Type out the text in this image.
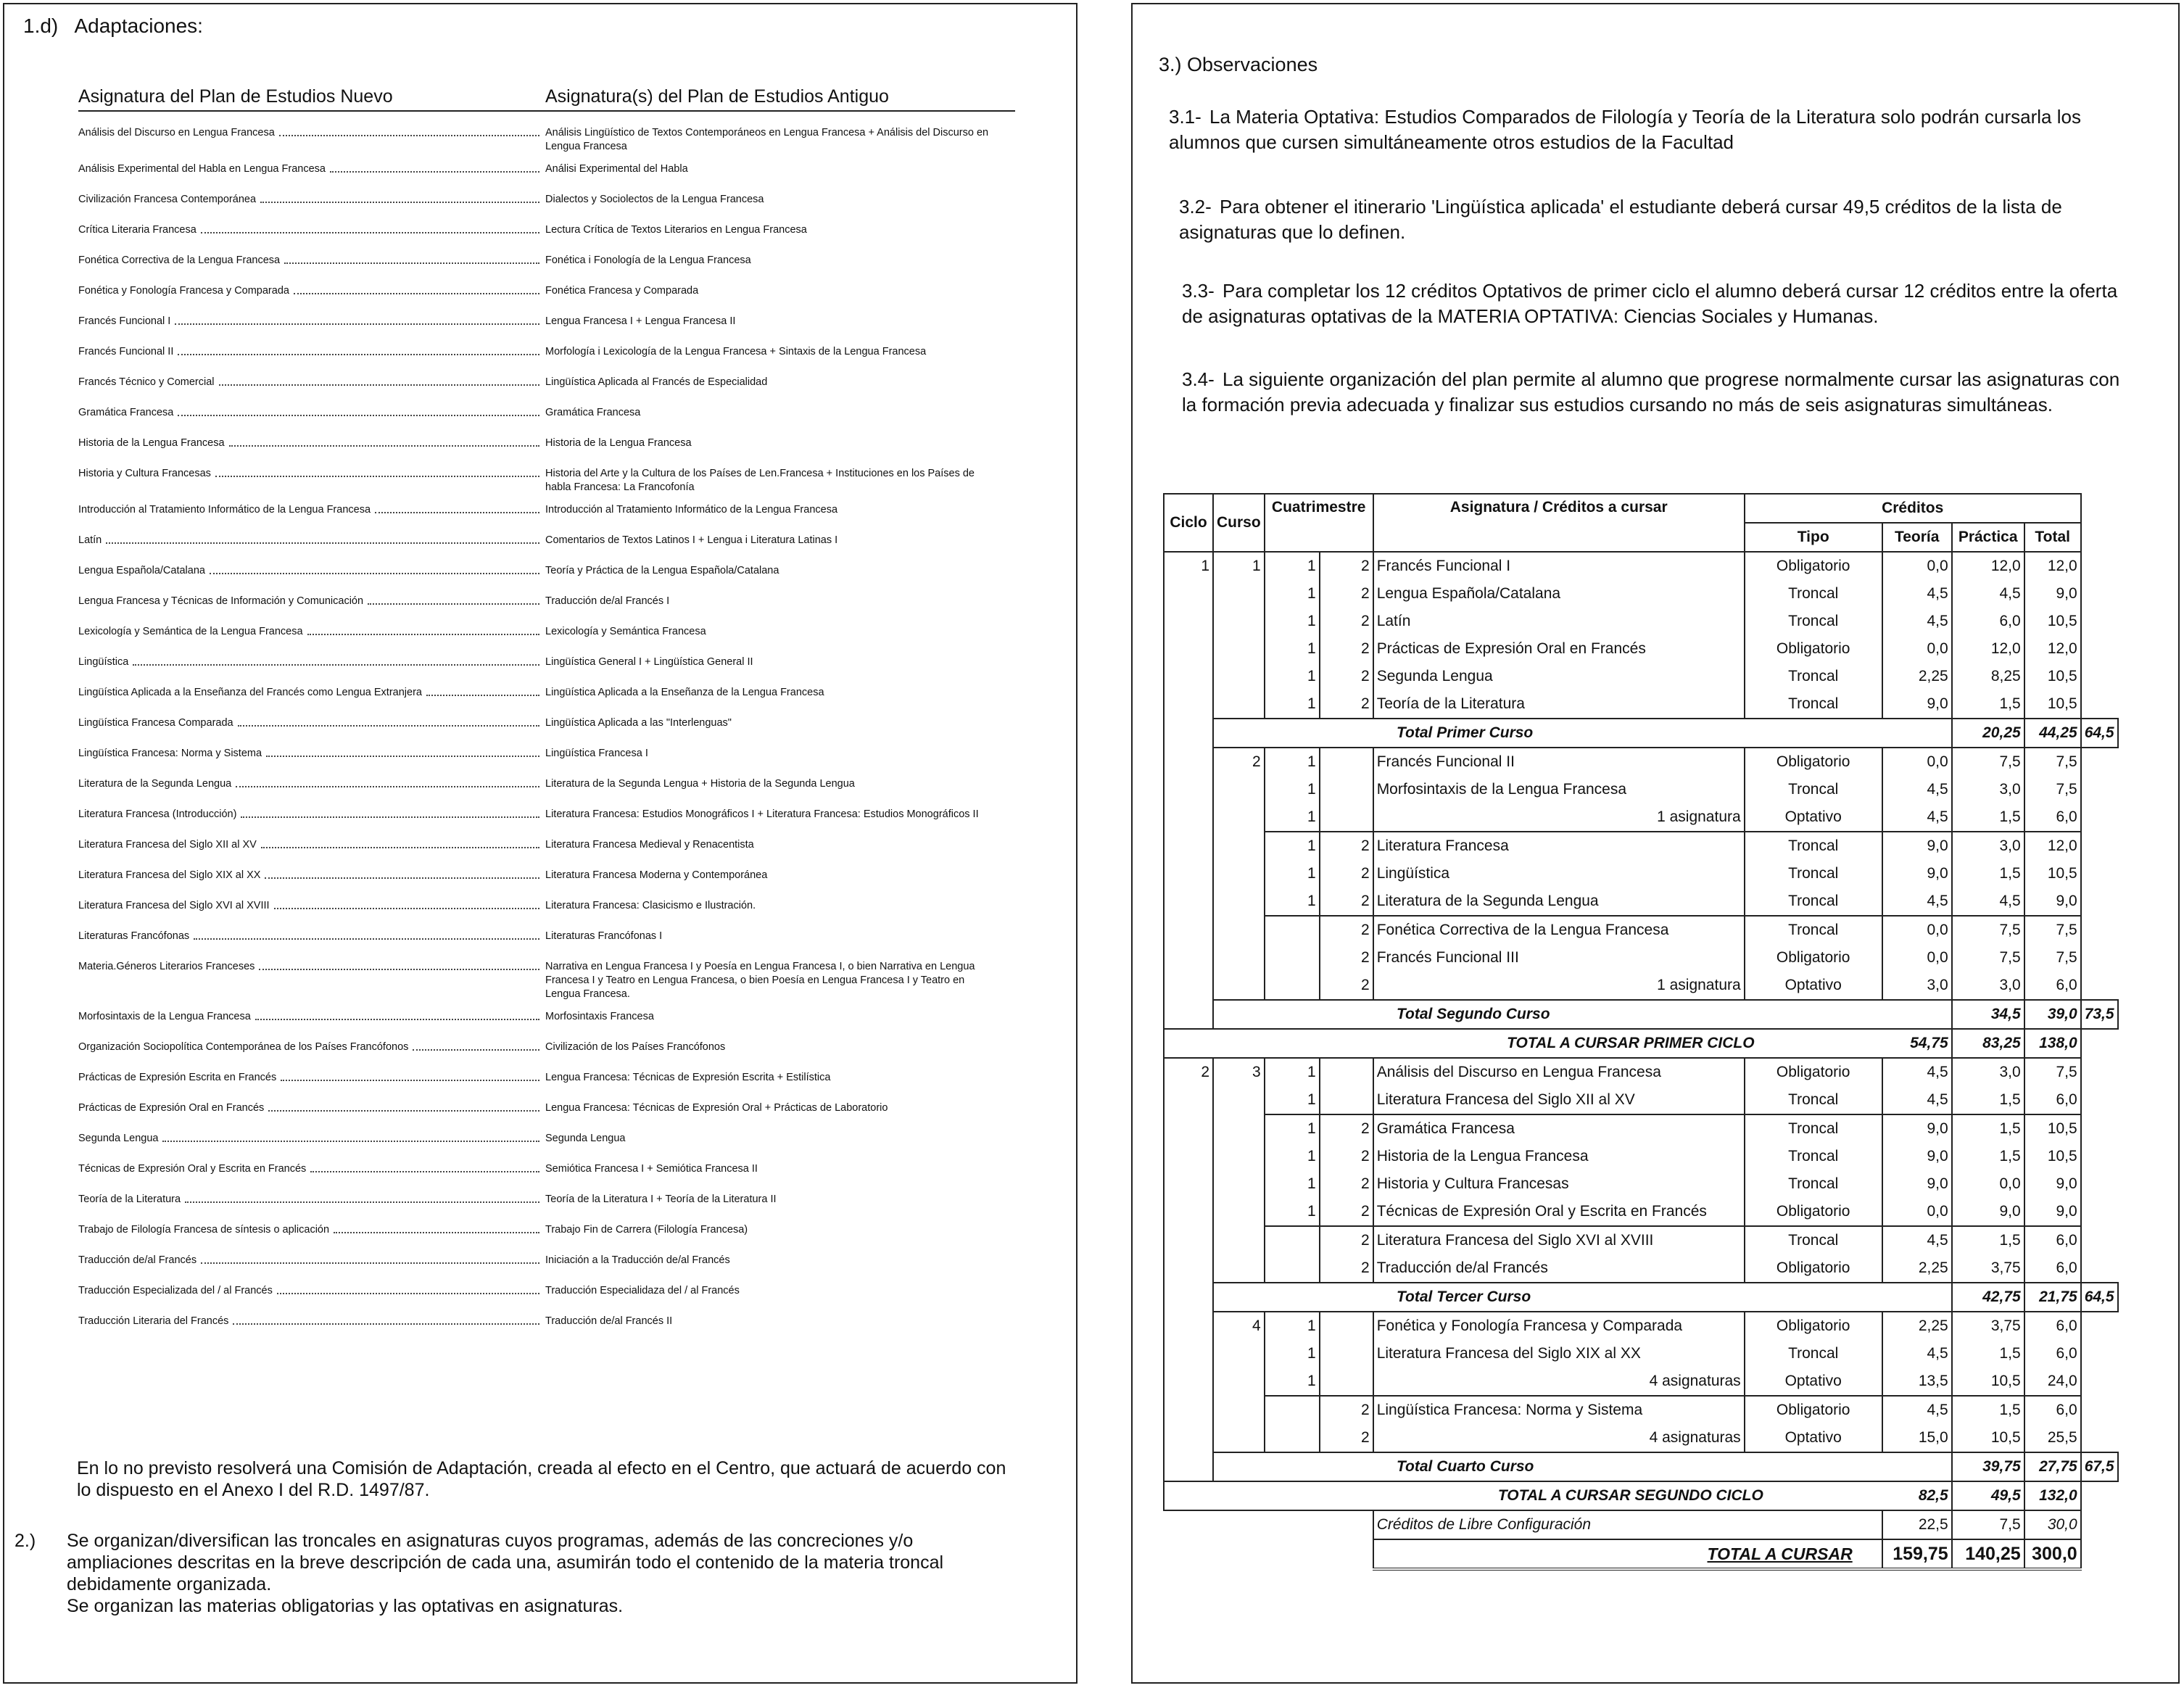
1.d) Adaptaciones:
Asignatura del Plan de Estudios Nuevo	Asignatura(s) del Plan de Estudios Antiguo
Análisis del Discurso en Lengua Francesa	Análisis Lingüístico de Textos Contemporáneos en Lengua Francesa + Análisis del Discurso en Lengua Francesa
Análisis Experimental del Habla en Lengua Francesa	Análisi Experimental del Habla
Civilización Francesa Contemporánea	Dialectos y Sociolectos de la Lengua Francesa
Crítica Literaria Francesa	Lectura Crítica de Textos Literarios en Lengua Francesa
Fonética Correctiva de la Lengua Francesa	Fonética i Fonología de la Lengua Francesa
Fonética y Fonología Francesa y Comparada	Fonética Francesa y Comparada
Francés Funcional I	Lengua Francesa I + Lengua Francesa II
Francés Funcional II	Morfología i Lexicología de la Lengua Francesa + Sintaxis de la Lengua Francesa
Francés Técnico y Comercial	Lingüística Aplicada al Francés de Especialidad
Gramática Francesa	Gramática Francesa
Historia de la Lengua Francesa	Historia de la Lengua Francesa
Historia y Cultura Francesas	Historia del Arte y la Cultura de los Países de Len.Francesa + Instituciones en los Países de habla Francesa: La Francofonía
Introducción al Tratamiento Informático de la Lengua Francesa	Introducción al Tratamiento Informático de la Lengua Francesa
Latín	Comentarios de Textos Latinos I + Lengua i Literatura Latinas I
Lengua Española/Catalana	Teoría y Práctica de la Lengua Española/Catalana
Lengua Francesa y Técnicas de Información y Comunicación	Traducción de/al Francés I
Lexicología y Semántica de la Lengua Francesa	Lexicología y Semántica Francesa
Lingüística	Lingüística General I + Lingüística General II
Lingüística Aplicada a la Enseñanza del Francés como Lengua Extranjera	Lingüística Aplicada a la Enseñanza de la Lengua Francesa
Lingüística Francesa Comparada	Lingüística Aplicada a las "Interlenguas"
Lingüística Francesa: Norma y Sistema	Lingüística Francesa I
Literatura de la Segunda Lengua	Literatura de la Segunda Lengua + Historia de la Segunda Lengua
Literatura Francesa (Introducción)	Literatura Francesa: Estudios Monográficos I + Literatura Francesa: Estudios Monográficos II
Literatura Francesa del Siglo XII al XV	Literatura Francesa Medieval y Renacentista
Literatura Francesa del Siglo XIX al XX	Literatura Francesa Moderna y Contemporánea
Literatura Francesa del Siglo XVI al XVIII	Literatura Francesa: Clasicismo e Ilustración.
Literaturas Francófonas	Literaturas Francófonas I
Materia.Géneros Literarios Franceses	Narrativa en Lengua Francesa I y Poesía en Lengua Francesa I, o bien Narrativa en Lengua Francesa I y Teatro en Lengua Francesa, o bien Poesía en Lengua Francesa I y Teatro en Lengua Francesa.
Morfosintaxis de la Lengua Francesa	Morfosintaxis Francesa
Organización Sociopolítica Contemporánea de los Países Francófonos	Civilización de los Países Francófonos
Prácticas de Expresión Escrita en Francés	Lengua Francesa: Técnicas de Expresión Escrita + Estilística
Prácticas de Expresión Oral en Francés	Lengua Francesa: Técnicas de Expresión Oral + Prácticas de Laboratorio
Segunda Lengua	Segunda Lengua
Técnicas de Expresión Oral y Escrita en Francés	Semiótica Francesa I + Semiótica Francesa II
Teoría de la Literatura	Teoría de la Literatura I + Teoría de la Literatura II
Trabajo de Filología Francesa de síntesis o aplicación	Trabajo Fin de Carrera (Filología Francesa)
Traducción de/al Francés	Iniciación a la Traducción de/al Francés
Traducción Especializada del / al Francés	Traducción Especialidaza del / al Francés
Traducción Literaria del Francés	Traducción de/al Francés II
En lo no previsto resolverá una Comisión de Adaptación, creada al efecto en el Centro, que actuará de acuerdo con lo dispuesto en el Anexo I del R.D. 1497/87.
2.) Se organizan/diversifican las troncales en asignaturas cuyos programas, además de las concreciones y/o ampliaciones descritas en la breve descripción de cada una, asumirán todo el contenido de la materia troncal debidamente organizada.
Se organizan las materias obligatorias y las optativas en asignaturas.
3.) Observaciones
3.1- La Materia Optativa: Estudios Comparados de Filología y Teoría de la Literatura solo podrán cursarla los alumnos que cursen simultáneamente otros estudios de la Facultad
3.2- Para obtener el itinerario 'Lingüística aplicada' el estudiante deberá cursar 49,5 créditos de la lista de asignaturas que lo definen.
3.3- Para completar los 12 créditos Optativos de primer ciclo el alumno deberá cursar 12 créditos entre la oferta de asignaturas optativas de la MATERIA OPTATIVA: Ciencias Sociales y Humanas.
3.4- La siguiente organización del plan permite al alumno que progrese normalmente cursar las asignaturas con la formación previa adecuada y finalizar sus estudios cursando no más de seis asignaturas simultáneas.
Ciclo	Curso	Cuatrimestre		Asignatura / Créditos a cursar	Créditos				
					Tipo	Teoría	Práctica	Total	
1	1	1	2	Francés Funcional I	Obligatorio	0,0	12,0	12,0	
		1	2	Lengua Española/Catalana	Troncal	4,5	4,5	9,0	
		1	2	Latín	Troncal	4,5	6,0	10,5	
		1	2	Prácticas de Expresión Oral en Francés	Obligatorio	0,0	12,0	12,0	
		1	2	Segunda Lengua	Troncal	2,25	8,25	10,5	
		1	2	Teoría de la Literatura	Troncal	9,0	1,5	10,5	
	Total Primer Curso						20,25	44,25	64,5
	2	1		Francés Funcional II	Obligatorio	0,0	7,5	7,5	
		1		Morfosintaxis de la Lengua Francesa	Troncal	4,5	3,0	7,5	
		1		1 asignatura	Optativo	4,5	1,5	6,0	
		1	2	Literatura Francesa	Troncal	9,0	3,0	12,0	
		1	2	Lingüística	Troncal	9,0	1,5	10,5	
		1	2	Literatura de la Segunda Lengua	Troncal	4,5	4,5	9,0	
			2	Fonética Correctiva de la Lengua Francesa	Troncal	0,0	7,5	7,5	
			2	Francés Funcional III	Obligatorio	0,0	7,5	7,5	
			2	1 asignatura	Optativo	3,0	3,0	6,0	
	Total Segundo Curso						34,5	39,0	73,5
TOTAL A CURSAR PRIMER CICLO						54,75	83,25	138,0	
2	3	1		Análisis del Discurso en Lengua Francesa	Obligatorio	4,5	3,0	7,5	
		1		Literatura Francesa del Siglo XII al XV	Troncal	4,5	1,5	6,0	
		1	2	Gramática Francesa	Troncal	9,0	1,5	10,5	
		1	2	Historia de la Lengua Francesa	Troncal	9,0	1,5	10,5	
		1	2	Historia y Cultura Francesas	Troncal	9,0	0,0	9,0	
		1	2	Técnicas de Expresión Oral y Escrita en Francés	Obligatorio	0,0	9,0	9,0	
			2	Literatura Francesa del Siglo XVI al XVIII	Troncal	4,5	1,5	6,0	
			2	Traducción de/al Francés	Obligatorio	2,25	3,75	6,0	
	Total Tercer Curso						42,75	21,75	64,5
	4	1		Fonética y Fonología Francesa y Comparada	Obligatorio	2,25	3,75	6,0	
		1		Literatura Francesa del Siglo XIX al XX	Troncal	4,5	1,5	6,0	
		1		4 asignaturas	Optativo	13,5	10,5	24,0	
			2	Lingüística Francesa: Norma y Sistema	Obligatorio	4,5	1,5	6,0	
			2	4 asignaturas	Optativo	15,0	10,5	25,5	
	Total Cuarto Curso						39,75	27,75	67,5
TOTAL A CURSAR SEGUNDO CICLO						82,5	49,5	132,0	
				Créditos de Libre Configuración		22,5	7,5	30,0	
				TOTAL A CURSAR		159,75	140,25	300,0	
